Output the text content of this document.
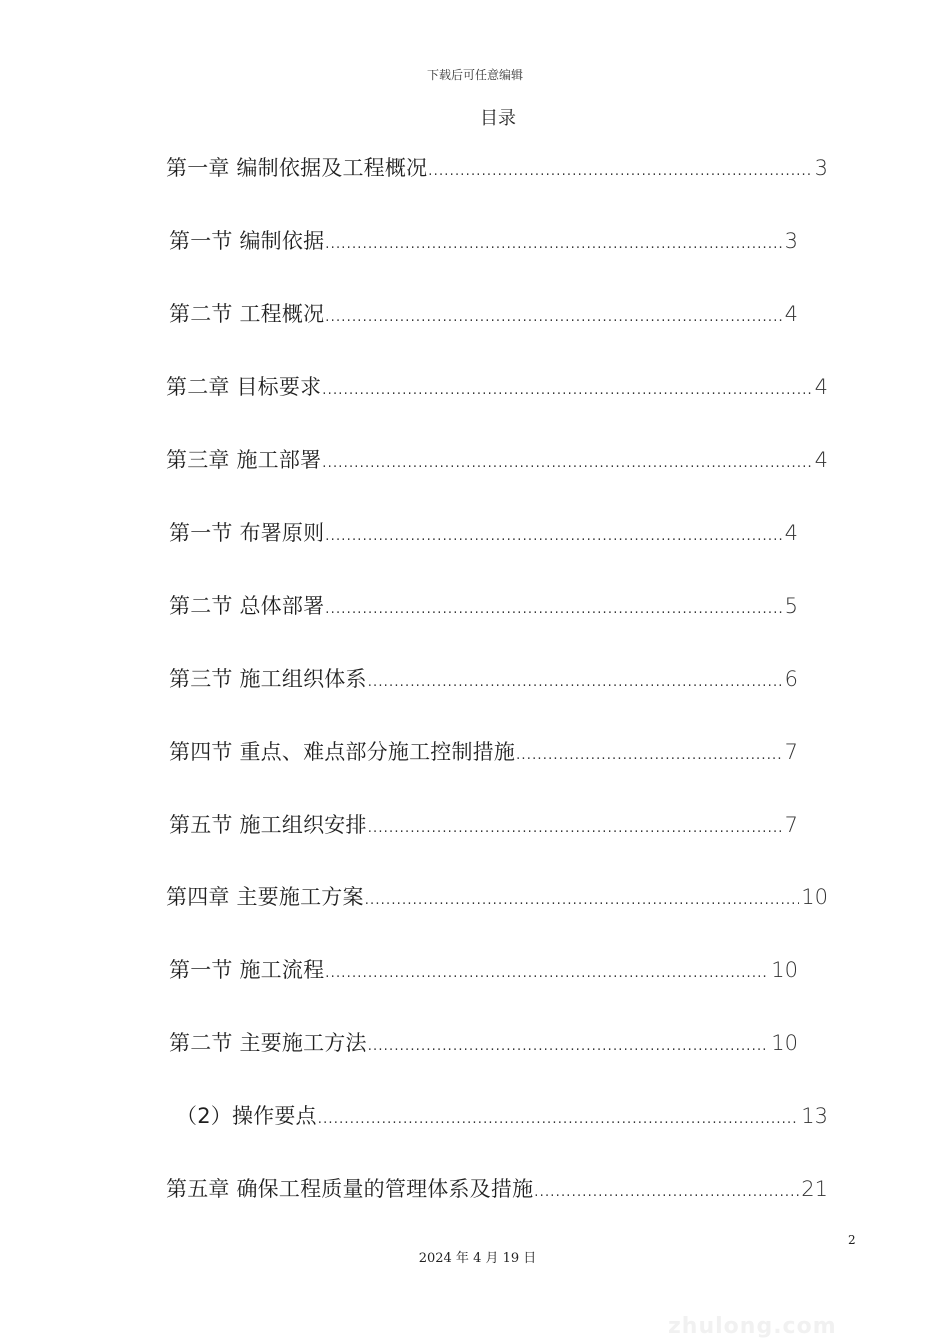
下载后可任意编辑
目录
第一章 编制依据及工程概况 .....	3
第一节 编制依据 .....	3
第二节 工程概况 .....	4
第二章 目标要求 .....	4
第三章 施工部署 .....	4
第一节 布署原则 .....	4
第二节 总体部署 .....	5
第三节 施工组织体系 .....	6
第四节 重点、难点部分施工控制措施 .....	7
第五节 施工组织安排 .....	7
第四章 主要施工方案 .....	10
第一节 施工流程 .....	10
第二节 主要施工方法 .....	10
（2）操作要点 .....	13
第五章 确保工程质量的管理体系及措施 .....	21
2
2024 年 4 月 19 日
zhulong.com
